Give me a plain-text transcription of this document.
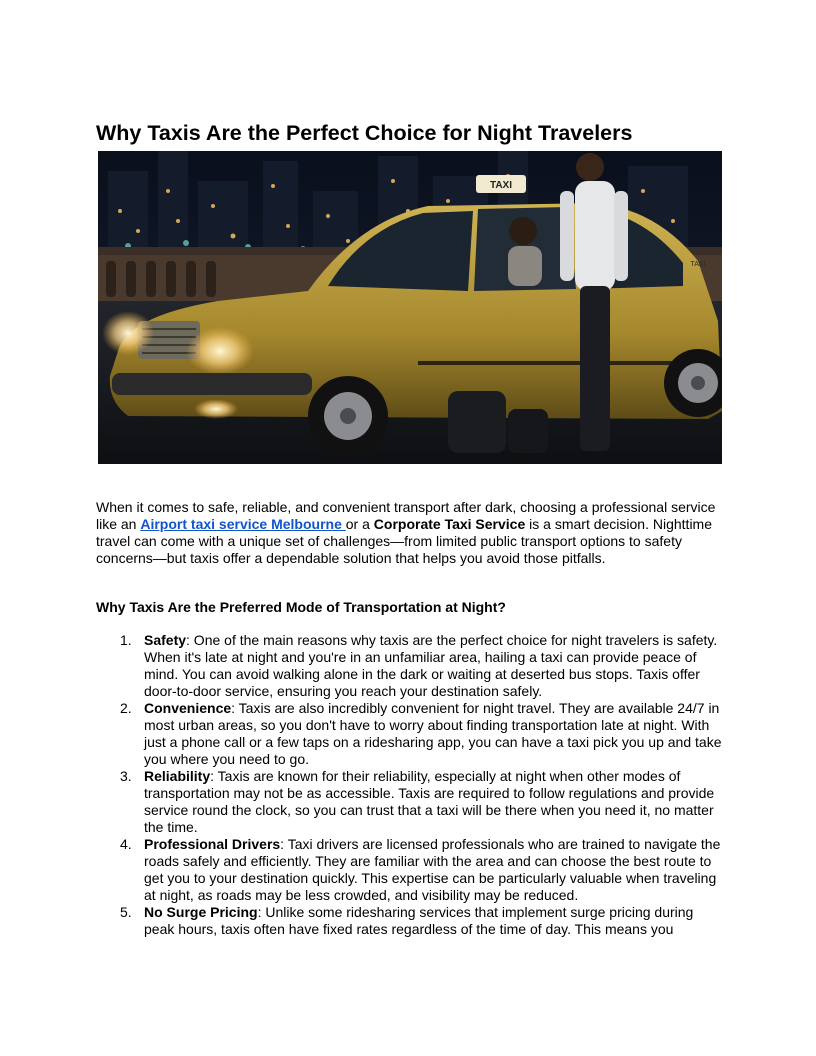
Why Taxis Are the Perfect Choice for Night Travelers
TAXI
TAXI

When it comes to safe, reliable, and convenient transport after dark, choosing a professional service like an Airport taxi service Melbourne or a Corporate Taxi Service is a smart decision. Nighttime travel can come with a unique set of challenges—from limited public transport options to safety concerns—but taxis offer a dependable solution that helps you avoid those pitfalls.

Why Taxis Are the Preferred Mode of Transportation at Night?
1. Safety: One of the main reasons why taxis are the perfect choice for night travelers is safety. When it's late at night and you're in an unfamiliar area, hailing a taxi can provide peace of mind. You can avoid walking alone in the dark or waiting at deserted bus stops. Taxis offer door-to-door service, ensuring you reach your destination safely.
2. Convenience: Taxis are also incredibly convenient for night travel. They are available 24/7 in most urban areas, so you don't have to worry about finding transportation late at night. With just a phone call or a few taps on a ridesharing app, you can have a taxi pick you up and take you where you need to go.
3. Reliability: Taxis are known for their reliability, especially at night when other modes of transportation may not be as accessible. Taxis are required to follow regulations and provide service round the clock, so you can trust that a taxi will be there when you need it, no matter the time.
4. Professional Drivers: Taxi drivers are licensed professionals who are trained to navigate the roads safely and efficiently. They are familiar with the area and can choose the best route to get you to your destination quickly. This expertise can be particularly valuable when traveling at night, as roads may be less crowded, and visibility may be reduced.
5. No Surge Pricing: Unlike some ridesharing services that implement surge pricing during peak hours, taxis often have fixed rates regardless of the time of day. This means you
